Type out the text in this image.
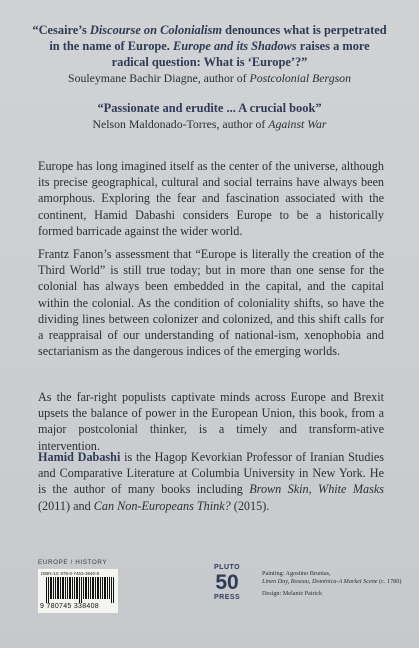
“Cesaire’s Discourse on Colonialism denounces what is perpetrated in the name of Europe. Europe and its Shadows raises a more radical question: What is ‘Europe’?”
Souleymane Bachir Diagne, author of Postcolonial Bergson
“Passionate and erudite ... A crucial book”
Nelson Maldonado-Torres, author of Against War

Europe has long imagined itself as the center of the universe, although its precise geographical, cultural and social terrains have always been amorphous. Exploring the fear and fascination associated with the continent, Hamid Dabashi considers Europe to be a historically formed barricade against the wider world.

Frantz Fanon’s assessment that “Europe is literally the creation of the Third World” is still true today; but in more than one sense for the colonial has always been embedded in the capital, and the capital within the colonial. As the condition of coloniality shifts, so have the dividing lines between colonizer and colonized, and this shift calls for a reappraisal of our understanding of national-ism, xenophobia and sectarianism as the dangerous indices of the emerging worlds.

As the far-right populists captivate minds across Europe and Brexit upsets the balance of power in the European Union, this book, from a major postcolonial thinker, is a timely and transform-ative intervention.

Hamid Dabashi is the Hagop Kevorkian Professor of Iranian Studies and Comparative Literature at Columbia University in New York. He is the author of many books including Brown Skin, White Masks (2011) and Can Non-Europeans Think? (2015).

EUROPE / HISTORY
ISBN-13: 978-0-7453-3840-8
9 780745 338408
PLUTO
50
PRESS
Painting: Agostino Brunias,
Linen Day, Roseau, Dominica-A Market Scene (c. 1780)
Design: Melanie Patrick
